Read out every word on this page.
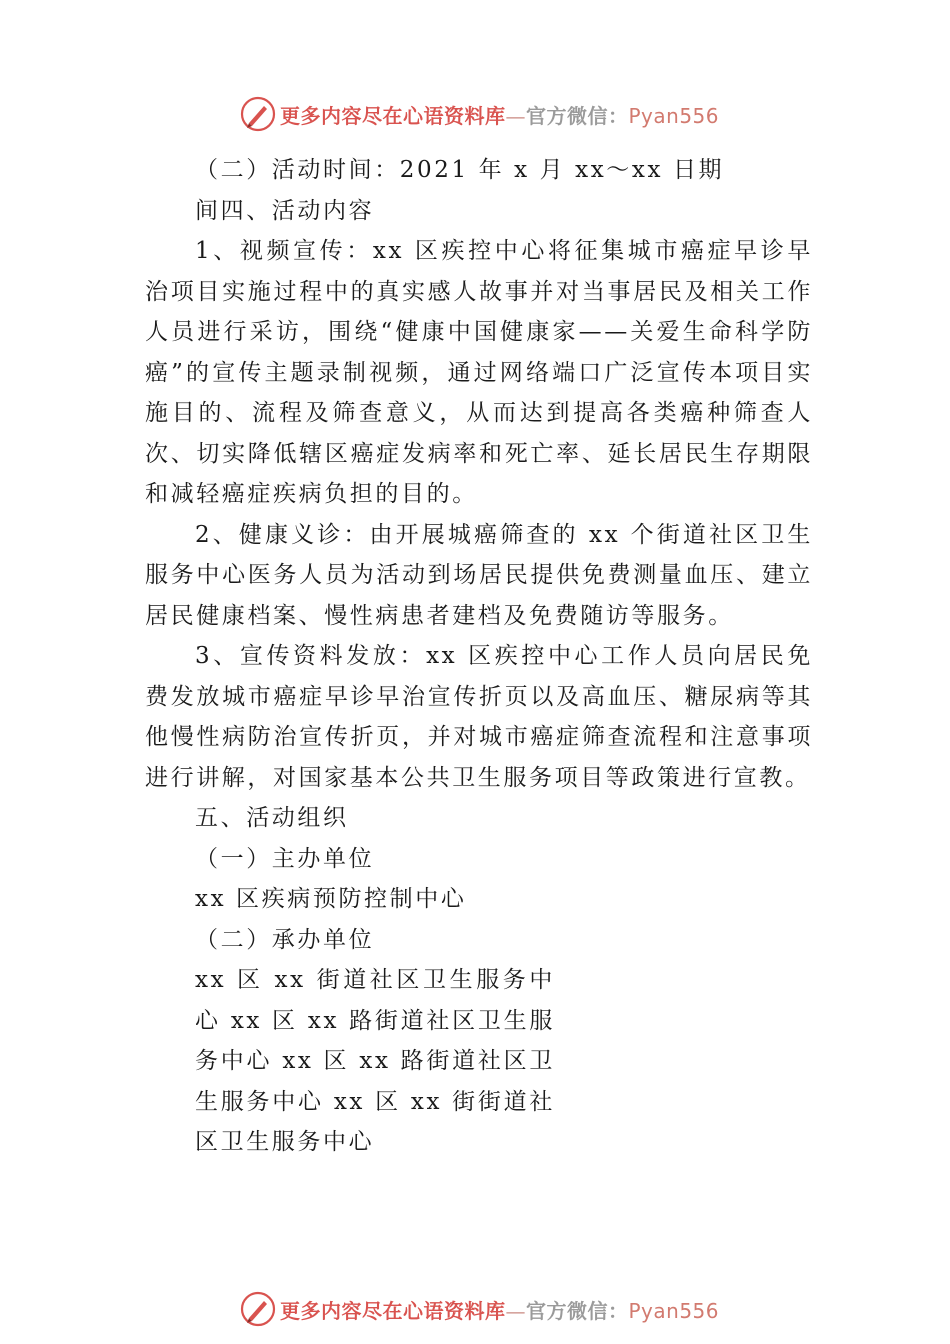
更多内容尽在心语资料库—官方微信：Pyan556

（二）活动时间：2021 年 x 月 xx～xx 日期

间四、活动内容

1、视频宣传：xx 区疾控中心将征集城市癌症早诊早治项目实施过程中的真实感人故事并对当事居民及相关工作人员进行采访，围绕“健康中国健康家——关爱生命科学防癌”的宣传主题录制视频，通过网络端口广泛宣传本项目实施目的、流程及筛查意义，从而达到提高各类癌种筛查人次、切实降低辖区癌症发病率和死亡率、延长居民生存期限和减轻癌症疾病负担的目的。

2、健康义诊：由开展城癌筛查的 xx 个街道社区卫生服务中心医务人员为活动到场居民提供免费测量血压、建立居民健康档案、慢性病患者建档及免费随访等服务。

3、宣传资料发放：xx 区疾控中心工作人员向居民免费发放城市癌症早诊早治宣传折页以及高血压、糖尿病等其他慢性病防治宣传折页，并对城市癌症筛查流程和注意事项进行讲解，对国家基本公共卫生服务项目等政策进行宣教。

五、活动组织

（一）主办单位

xx 区疾病预防控制中心

（二）承办单位

xx 区 xx 街道社区卫生服务中心 xx 区 xx 路街道社区卫生服务中心 xx 区 xx 路街道社区卫生服务中心 xx 区 xx 街街道社区卫生服务中心

更多内容尽在心语资料库—官方微信：Pyan556
